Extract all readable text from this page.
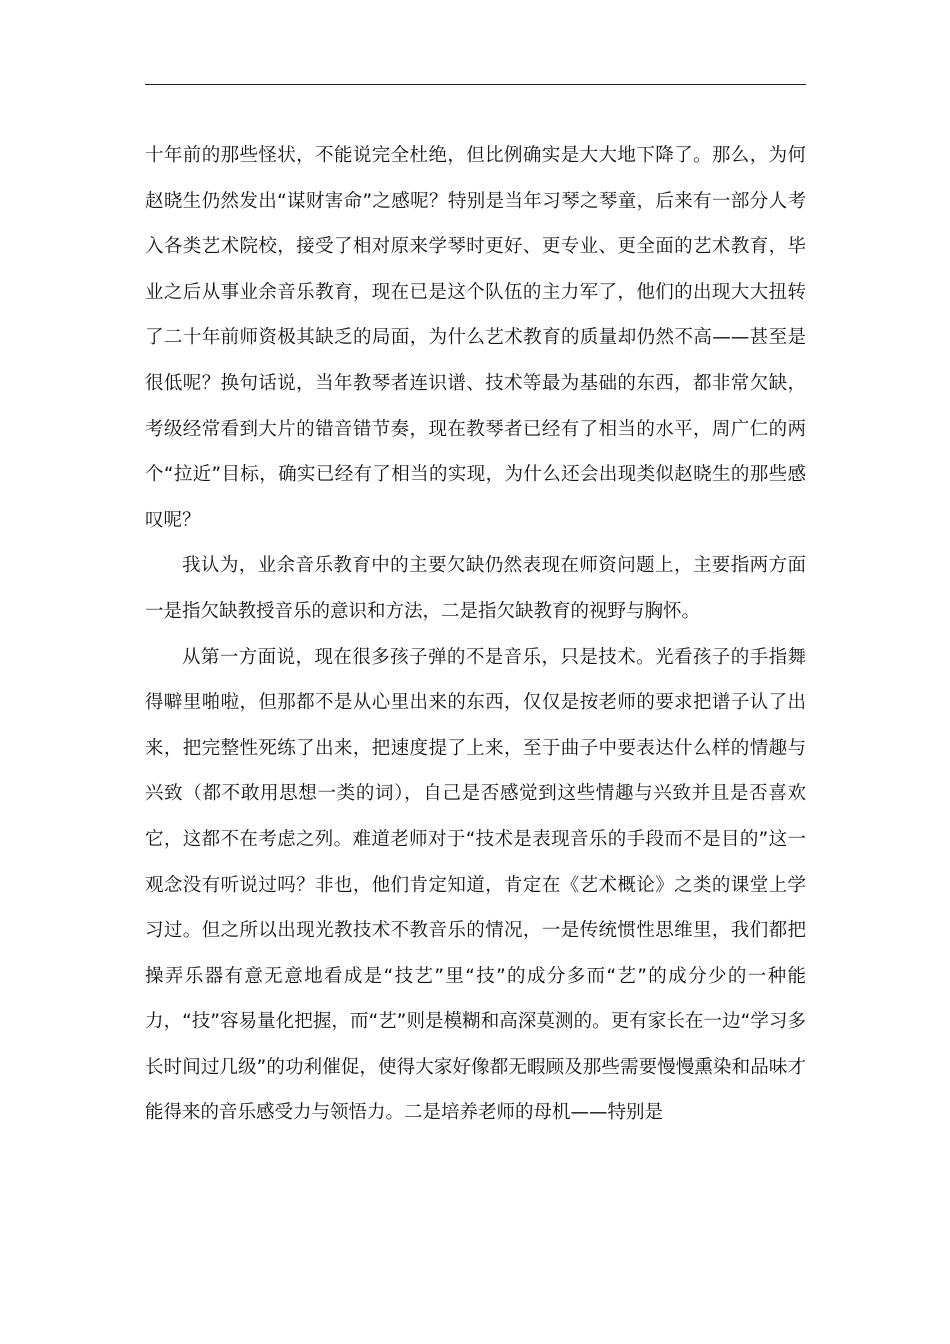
十年前的那些怪状，不能说完全杜绝，但比例确实是大大地下降了。那么，为何赵晓生仍然发出“谋财害命”之感呢？特别是当年习琴之琴童，后来有一部分人考入各类艺术院校，接受了相对原来学琴时更好、更专业、更全面的艺术教育，毕业之后从事业余音乐教育，现在已是这个队伍的主力军了，他们的出现大大扭转了二十年前师资极其缺乏的局面，为什么艺术教育的质量却仍然不高——甚至是很低呢？换句话说，当年教琴者连识谱、技术等最为基础的东西，都非常欠缺，考级经常看到大片的错音错节奏，现在教琴者已经有了相当的水平，周广仁的两个“拉近”目标，确实已经有了相当的实现，为什么还会出现类似赵晓生的那些感叹呢？

我认为，业余音乐教育中的主要欠缺仍然表现在师资问题上，主要指两方面一是指欠缺教授音乐的意识和方法，二是指欠缺教育的视野与胸怀。

从第一方面说，现在很多孩子弹的不是音乐，只是技术。光看孩子的手指舞得噼里啪啦，但那都不是从心里出来的东西，仅仅是按老师的要求把谱子认了出来，把完整性死练了出来，把速度提了上来，至于曲子中要表达什么样的情趣与兴致（都不敢用思想一类的词），自己是否感觉到这些情趣与兴致并且是否喜欢它，这都不在考虑之列。难道老师对于“技术是表现音乐的手段而不是目的”这一观念没有听说过吗？非也，他们肯定知道，肯定在《艺术概论》之类的课堂上学习过。但之所以出现光教技术不教音乐的情况，一是传统惯性思维里，我们都把操弄乐器有意无意地看成是“技艺”里“技”的成分多而“艺”的成分少的一种能力，“技”容易量化把握，而“艺”则是模糊和高深莫测的。更有家长在一边“学习多长时间过几级”的功利催促，使得大家好像都无暇顾及那些需要慢慢熏染和品味才能得来的音乐感受力与领悟力。二是培养老师的母机——特别是
